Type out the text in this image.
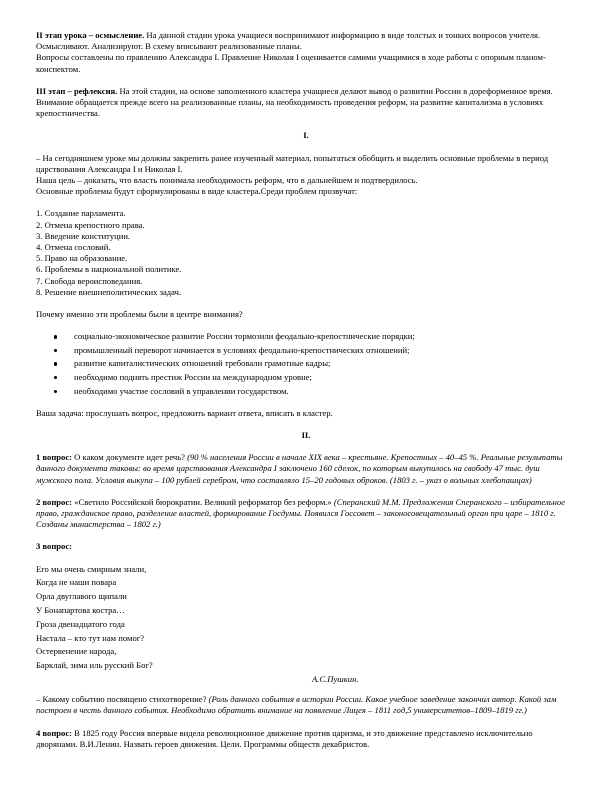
II этап урока – осмысление. На данной стадии урока учащиеся воспринимают информацию в виде толстых и тонких вопросов учителя. Осмысливают. Анализируют. В схему вписывают реализованные планы.
Вопросы составлены по правлению Александра I. Правление Николая I оценивается самими учащимися в ходе работы с опорным планом-конспектом.

III этап – рефлексия. На этой стадии, на основе заполненного кластера учащиеся делают вывод о развитии России в дореформенное время. Внимание обращается прежде всего на реализованные планы, на необходимость проведения реформ, на развитие капитализма в условиях крепостничества.

I.

– На сегодняшнем уроке мы должны закрепить ранее изученный материал, попытаться обобщить и выделить основные проблемы в период царствования Александра I и Николая I.

Наша цель – доказать, что власть понимала необходимость реформ, что в дальнейшем и подтвердилось.

Основные проблемы будут сформулированы в виде кластера.Среди проблем прозвучат:

1. Создание парламента.
2. Отмена крепостного права.
3. Введение конституции.
4. Отмена сословий.
5. Право на образование.
6. Проблемы в национальной политике.
7. Свобода вероисповедания.
8. Решение внешнеполитических задач.

Почему именно эти проблемы были в центре внимания?

социально-экономическое развитие России тормозили феодально-крепостнические порядки;
промышленный переворот начинается в условиях феодально-крепостнических отношений;
развитие капиталистических отношений требовали грамотные кадры;
необходимо поднять престиж России на международном уровне;
необходимо участие сословий в управлении государством.

Ваша задача: прослушать вопрос, предложить вариант ответа, вписать в кластер.

II.

1 вопрос: О каком документе идет речь? (90 % населения России в начале XIX века – крестьяне. Крепостных – 40–45 %. Реальные результаты данного документа таковы: во время царствования Александра I заключено 160 сделок, по которым выкупилось на свободу 47 тыс. душ мужского пола. Условия выкупа – 100 рублей серебром, что составляло 15–20 годовых оброков. (1803 г. – указ о вольных хлебопашцах)

2 вопрос: «Светило Российской бюрократии. Великий реформатор без реформ.» (Сперанский М.М. Предложения Сперанского – избирательное право, гражданское право, разделение властей, формирование Госдумы. Появился Госсовет – законосовещательный орган при царе – 1810 г. Созданы министерства – 1802 г.)

3 вопрос:

Его мы очень смирным знали,

Когда не наши повара

Орла двуглавого щипали

У Бонапартова костра…

Гроза двенадцатого года

Настала – кто тут нам помог?

Остервенение народа,

Барклай, зима иль русский Бог?

А.С.Пушкин.

– Какому событию посвящено стихотворение? (Роль данного события в истории России. Какое учебное заведение закончил автор. Какой зам построен в честь данного события. Необходимо обратить внимание на появление Лицея – 1811 год,5 университетов–1809–1819 гг.)

4 вопрос: В 1825 году Россия впервые видела революционное движение против царизма, и это движение представлено исключительно дворянами. В.И.Ленин. Назвать героев движения. Цели. Программы обществ декабристов.
